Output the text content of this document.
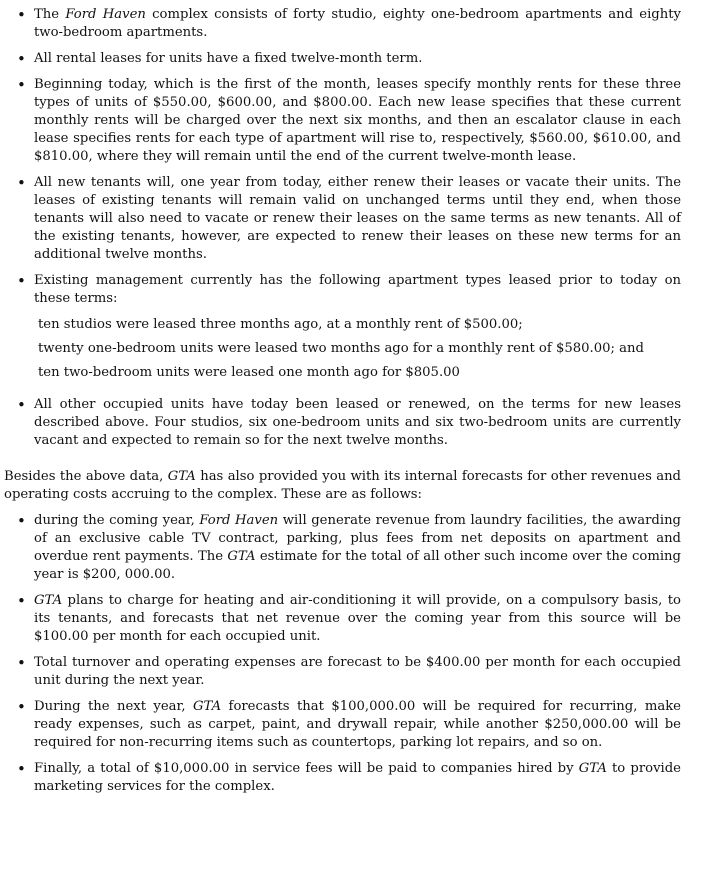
• The Ford Haven complex consists of forty studio, eighty one-bedroom apartments and eighty two-bedroom apartments.
• All rental leases for units have a fixed twelve-month term.
• Beginning today, which is the first of the month, leases specify monthly rents for these three types of units of $550.00, $600.00, and $800.00. Each new lease specifies that these current monthly rents will be charged over the next six months, and then an escalator clause in each lease specifies rents for each type of apartment will rise to, respectively, $560.00, $610.00, and $810.00, where they will remain until the end of the current twelve-month lease.
• All new tenants will, one year from today, either renew their leases or vacate their units. The leases of existing tenants will remain valid on unchanged terms until they end, when those tenants will also need to vacate or renew their leases on the same terms as new tenants. All of the existing tenants, however, are expected to renew their leases on these new terms for an additional twelve months.
• Existing management currently has the following apartment types leased prior to today on these terms:

ten studios were leased three months ago, at a monthly rent of $500.00;

twenty one-bedroom units were leased two months ago for a monthly rent of $580.00; and

ten two-bedroom units were leased one month ago for $805.00

• All other occupied units have today been leased or renewed, on the terms for new leases described above. Four studios, six one-bedroom units and six two-bedroom units are currently vacant and expected to remain so for the next twelve months.

Besides the above data, GTA has also provided you with its internal forecasts for other revenues and operating costs accruing to the complex. These are as follows:

• during the coming year, Ford Haven will generate revenue from laundry facilities, the awarding of an exclusive cable TV contract, parking, plus fees from net deposits on apartment and overdue rent payments. The GTA estimate for the total of all other such income over the coming year is $200, 000.00.
• GTA plans to charge for heating and air-conditioning it will provide, on a compulsory basis, to its tenants, and forecasts that net revenue over the coming year from this source will be $100.00 per month for each occupied unit.
• Total turnover and operating expenses are forecast to be $400.00 per month for each occupied unit during the next year.
• During the next year, GTA forecasts that $100,000.00 will be required for recurring, make ready expenses, such as carpet, paint, and drywall repair, while another $250,000.00 will be required for non-recurring items such as countertops, parking lot repairs, and so on.
• Finally, a total of $10,000.00 in service fees will be paid to companies hired by GTA to provide marketing services for the complex.
